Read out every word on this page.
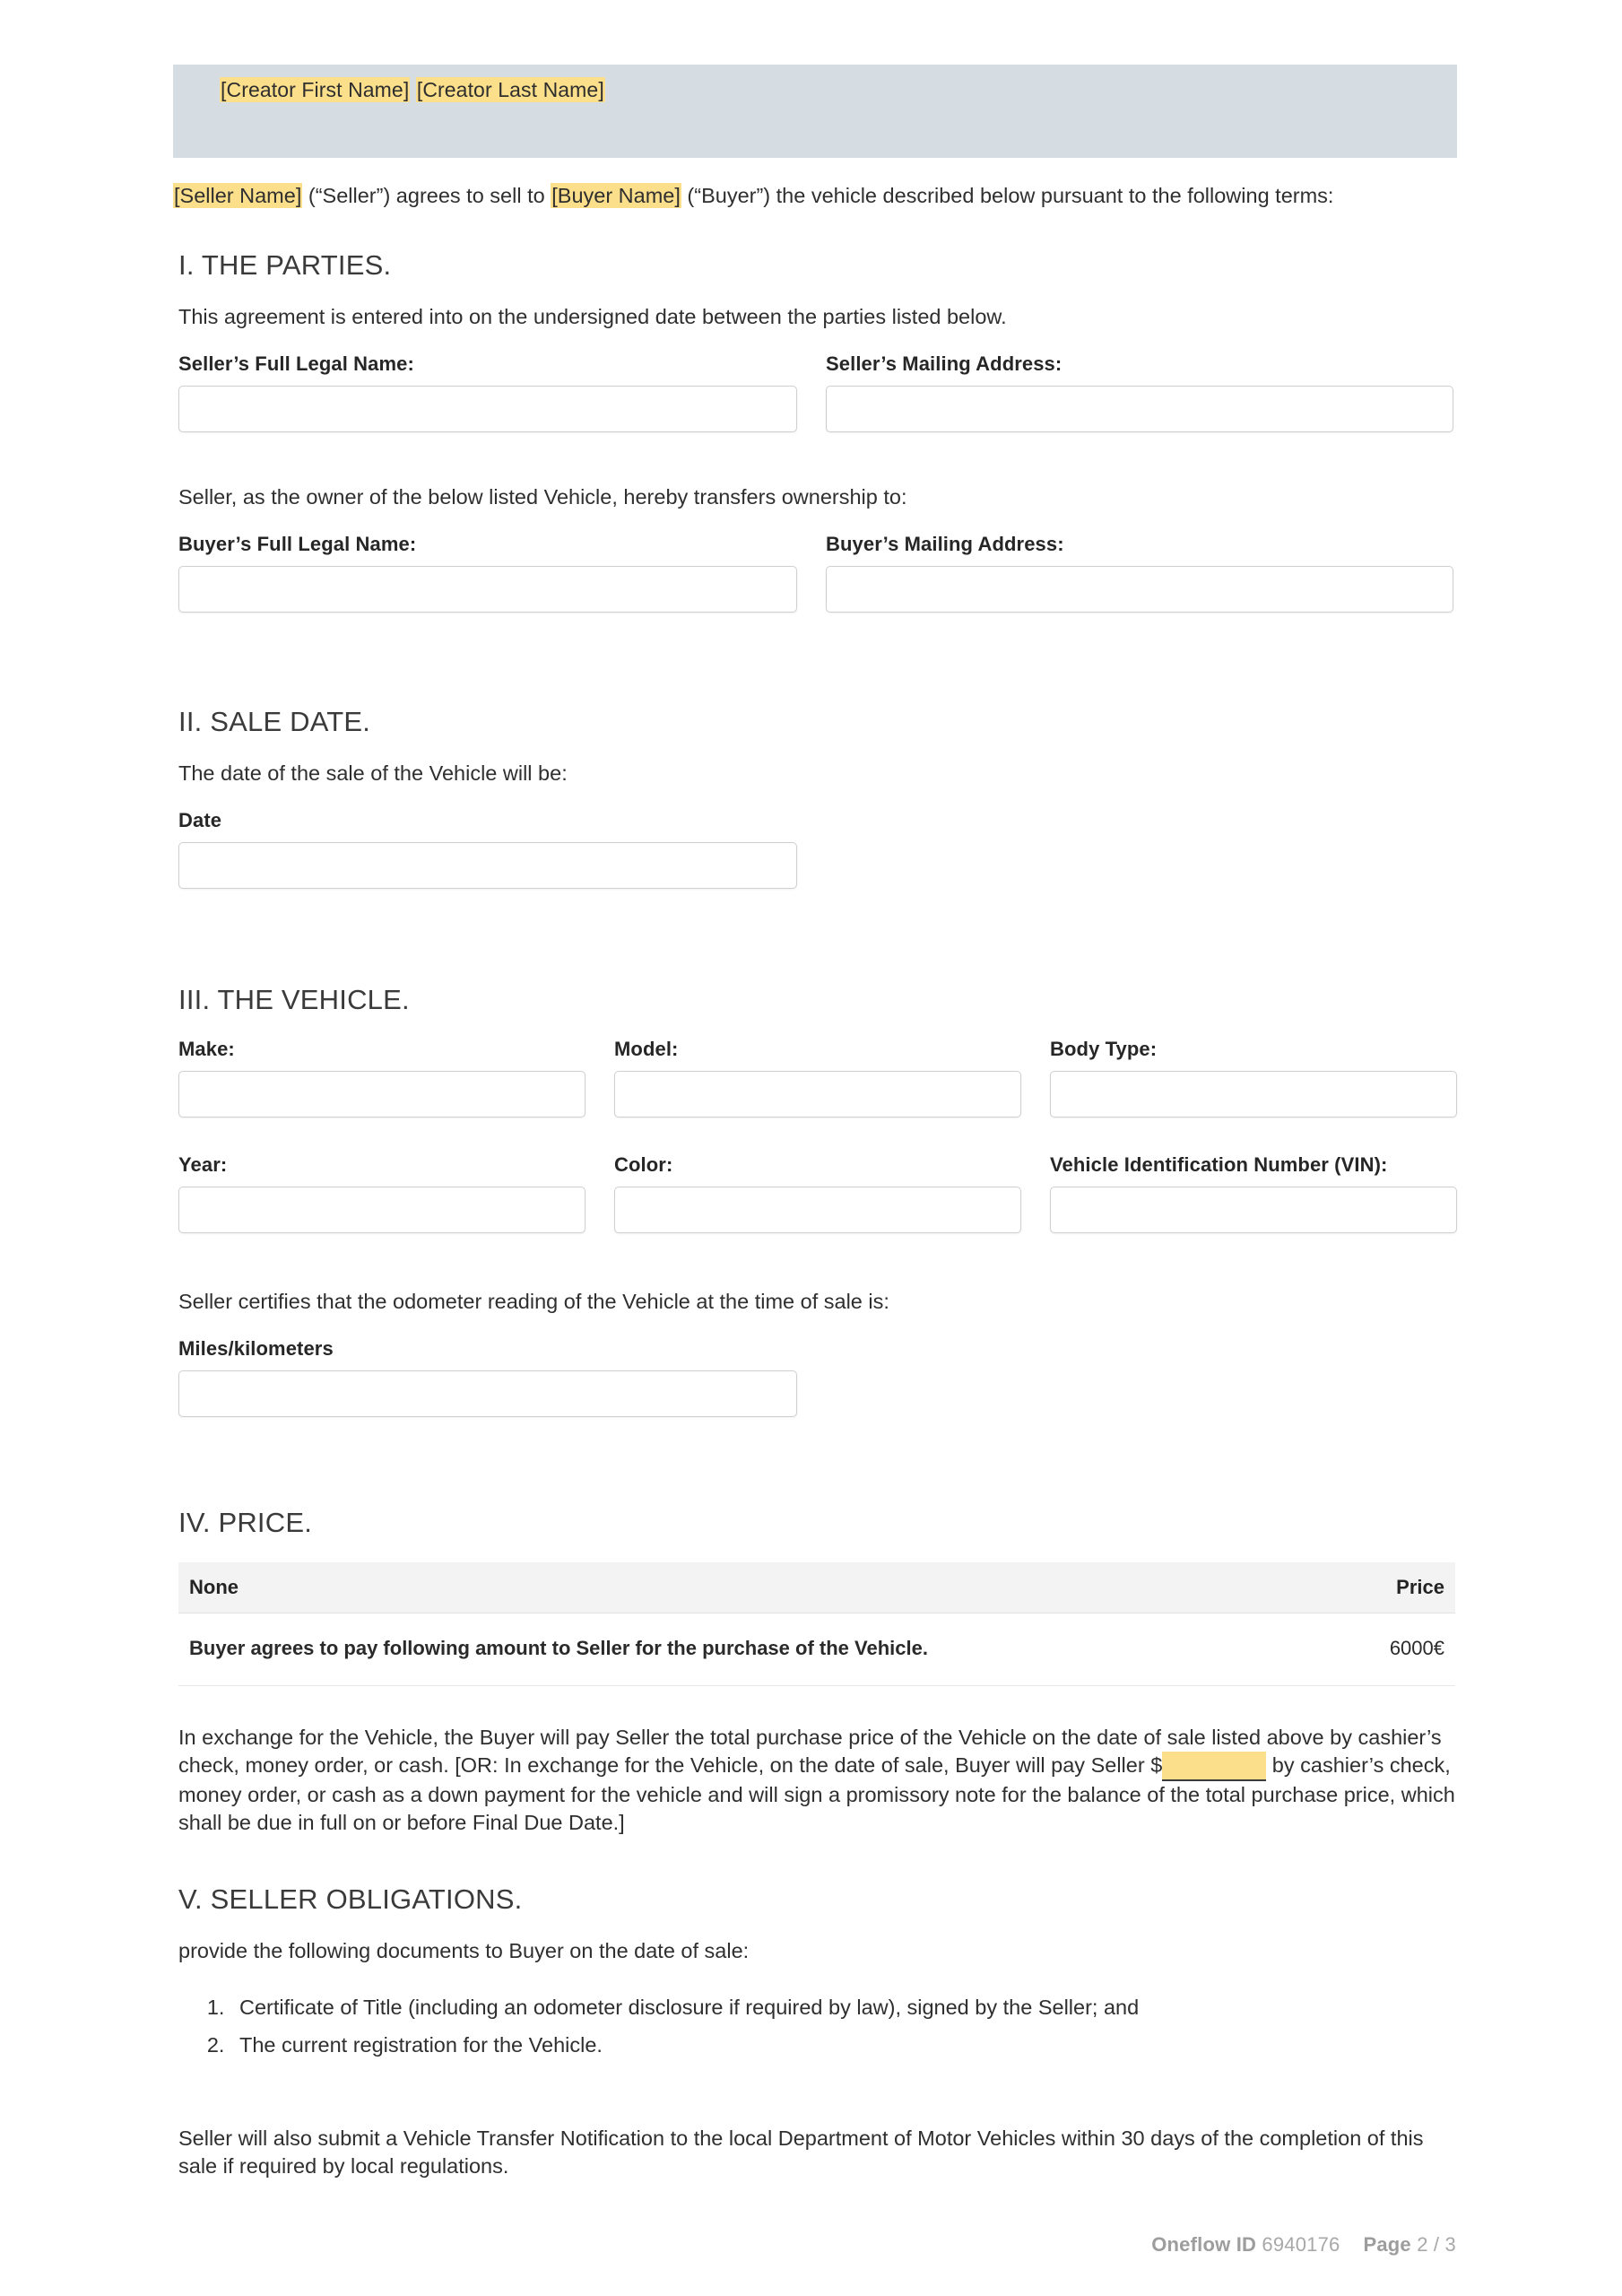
[Creator First Name] [Creator Last Name]
[Seller Name] (“Seller”) agrees to sell to [Buyer Name] (“Buyer”) the vehicle described below pursuant to the following terms:
I. THE PARTIES.

This agreement is entered into on the undersigned date between the parties listed below.

Seller’s Full Legal Name:	Seller’s Mailing Address:

Seller, as the owner of the below listed Vehicle, hereby transfers ownership to:

Buyer’s Full Legal Name:	Buyer’s Mailing Address:
II. SALE DATE.

The date of the sale of the Vehicle will be:

Date
III. THE VEHICLE.
Make:	Model:	Body Type:
Year:	Color:	Vehicle Identification Number (VIN):

Seller certifies that the odometer reading of the Vehicle at the time of sale is:

Miles/kilometers
IV. PRICE.
None	Price
Buyer agrees to pay following amount to Seller for the purchase of the Vehicle.	6000€

In exchange for the Vehicle, the Buyer will pay Seller the total purchase price of the Vehicle on the date of sale listed above by cashier’s check, money order, or cash. [OR: In exchange for the Vehicle, on the date of sale, Buyer will pay Seller $	by cashier’s check, money order, or cash as a down payment for the vehicle and will sign a promissory note for the balance of the total purchase price, which shall be due in full on or before Final Due Date.]

V. SELLER OBLIGATIONS.

provide the following documents to Buyer on the date of sale:

1. Certificate of Title (including an odometer disclosure if required by law), signed by the Seller; and
2. The current registration for the Vehicle.

Seller will also submit a Vehicle Transfer Notification to the local Department of Motor Vehicles within 30 days of the completion of this sale if required by local regulations.

Oneflow ID 6940176 Page 2 / 3
